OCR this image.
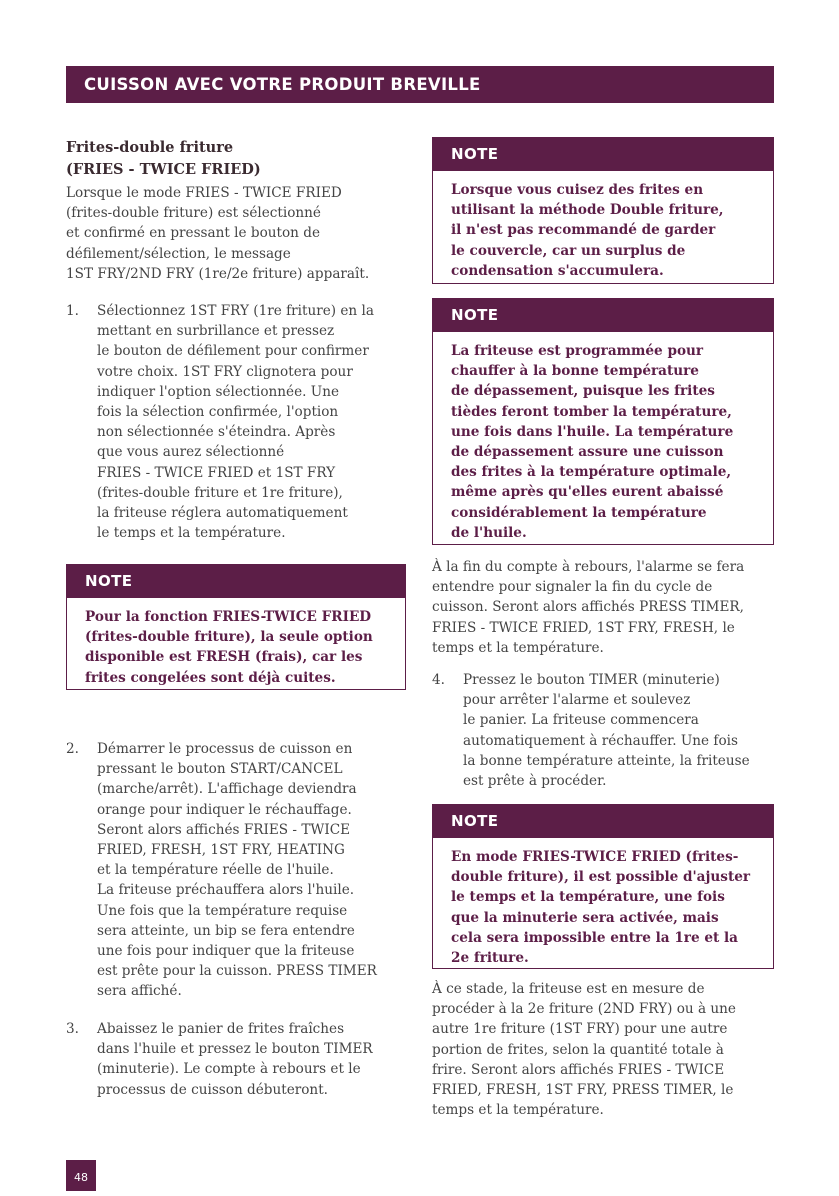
CUISSON AVEC VOTRE PRODUIT BREVILLE
Frites-double friture
(FRIES - TWICE FRIED)
Lorsque le mode FRIES - TWICE FRIED
(frites-double friture) est sélectionné
et confirmé en pressant le bouton de
défilement/sélection, le message
1ST FRY/2ND FRY (1re/2e friture) apparaît.
1.	Sélectionnez 1ST FRY (1re friture) en la
mettant en surbrillance et pressez
le bouton de défilement pour confirmer
votre choix. 1ST FRY clignotera pour
indiquer l'option sélectionnée. Une
fois la sélection confirmée, l'option
non sélectionnée s'éteindra. Après
que vous aurez sélectionné
FRIES - TWICE FRIED et 1ST FRY
(frites-double friture et 1re friture),
la friteuse réglera automatiquement
le temps et la température.
NOTE
Pour la fonction FRIES-TWICE FRIED
(frites-double friture), la seule option
disponible est FRESH (frais), car les
frites congelées sont déjà cuites.
2.	Démarrer le processus de cuisson en
pressant le bouton START/CANCEL
(marche/arrêt). L'affichage deviendra
orange pour indiquer le réchauffage.
Seront alors affichés FRIES - TWICE
FRIED, FRESH, 1ST FRY, HEATING
et la température réelle de l'huile.
La friteuse préchauffera alors l'huile.
Une fois que la température requise
sera atteinte, un bip se fera entendre
une fois pour indiquer que la friteuse
est prête pour la cuisson. PRESS TIMER
sera affiché.
3.	Abaissez le panier de frites fraîches
dans l'huile et pressez le bouton TIMER
(minuterie). Le compte à rebours et le
processus de cuisson débuteront.
NOTE
Lorsque vous cuisez des frites en
utilisant la méthode Double friture,
il n'est pas recommandé de garder
le couvercle, car un surplus de
condensation s'accumulera.
NOTE
La friteuse est programmée pour
chauffer à la bonne température
de dépassement, puisque les frites
tièdes feront tomber la température,
une fois dans l'huile. La température
de dépassement assure une cuisson
des frites à la température optimale,
même après qu'elles eurent abaissé
considérablement la température
de l'huile.
À la fin du compte à rebours, l'alarme se fera
entendre pour signaler la fin du cycle de
cuisson. Seront alors affichés PRESS TIMER,
FRIES - TWICE FRIED, 1ST FRY, FRESH, le
temps et la température.
4.	Pressez le bouton TIMER (minuterie)
pour arrêter l'alarme et soulevez
le panier. La friteuse commencera
automatiquement à réchauffer. Une fois
la bonne température atteinte, la friteuse
est prête à procéder.
NOTE
En mode FRIES-TWICE FRIED (frites-
double friture), il est possible d'ajuster
le temps et la température, une fois
que la minuterie sera activée, mais
cela sera impossible entre la 1re et la
2e friture.
À ce stade, la friteuse est en mesure de
procéder à la 2e friture (2ND FRY) ou à une
autre 1re friture (1ST FRY) pour une autre
portion de frites, selon la quantité totale à
frire. Seront alors affichés FRIES - TWICE
FRIED, FRESH, 1ST FRY, PRESS TIMER, le
temps et la température.
48
